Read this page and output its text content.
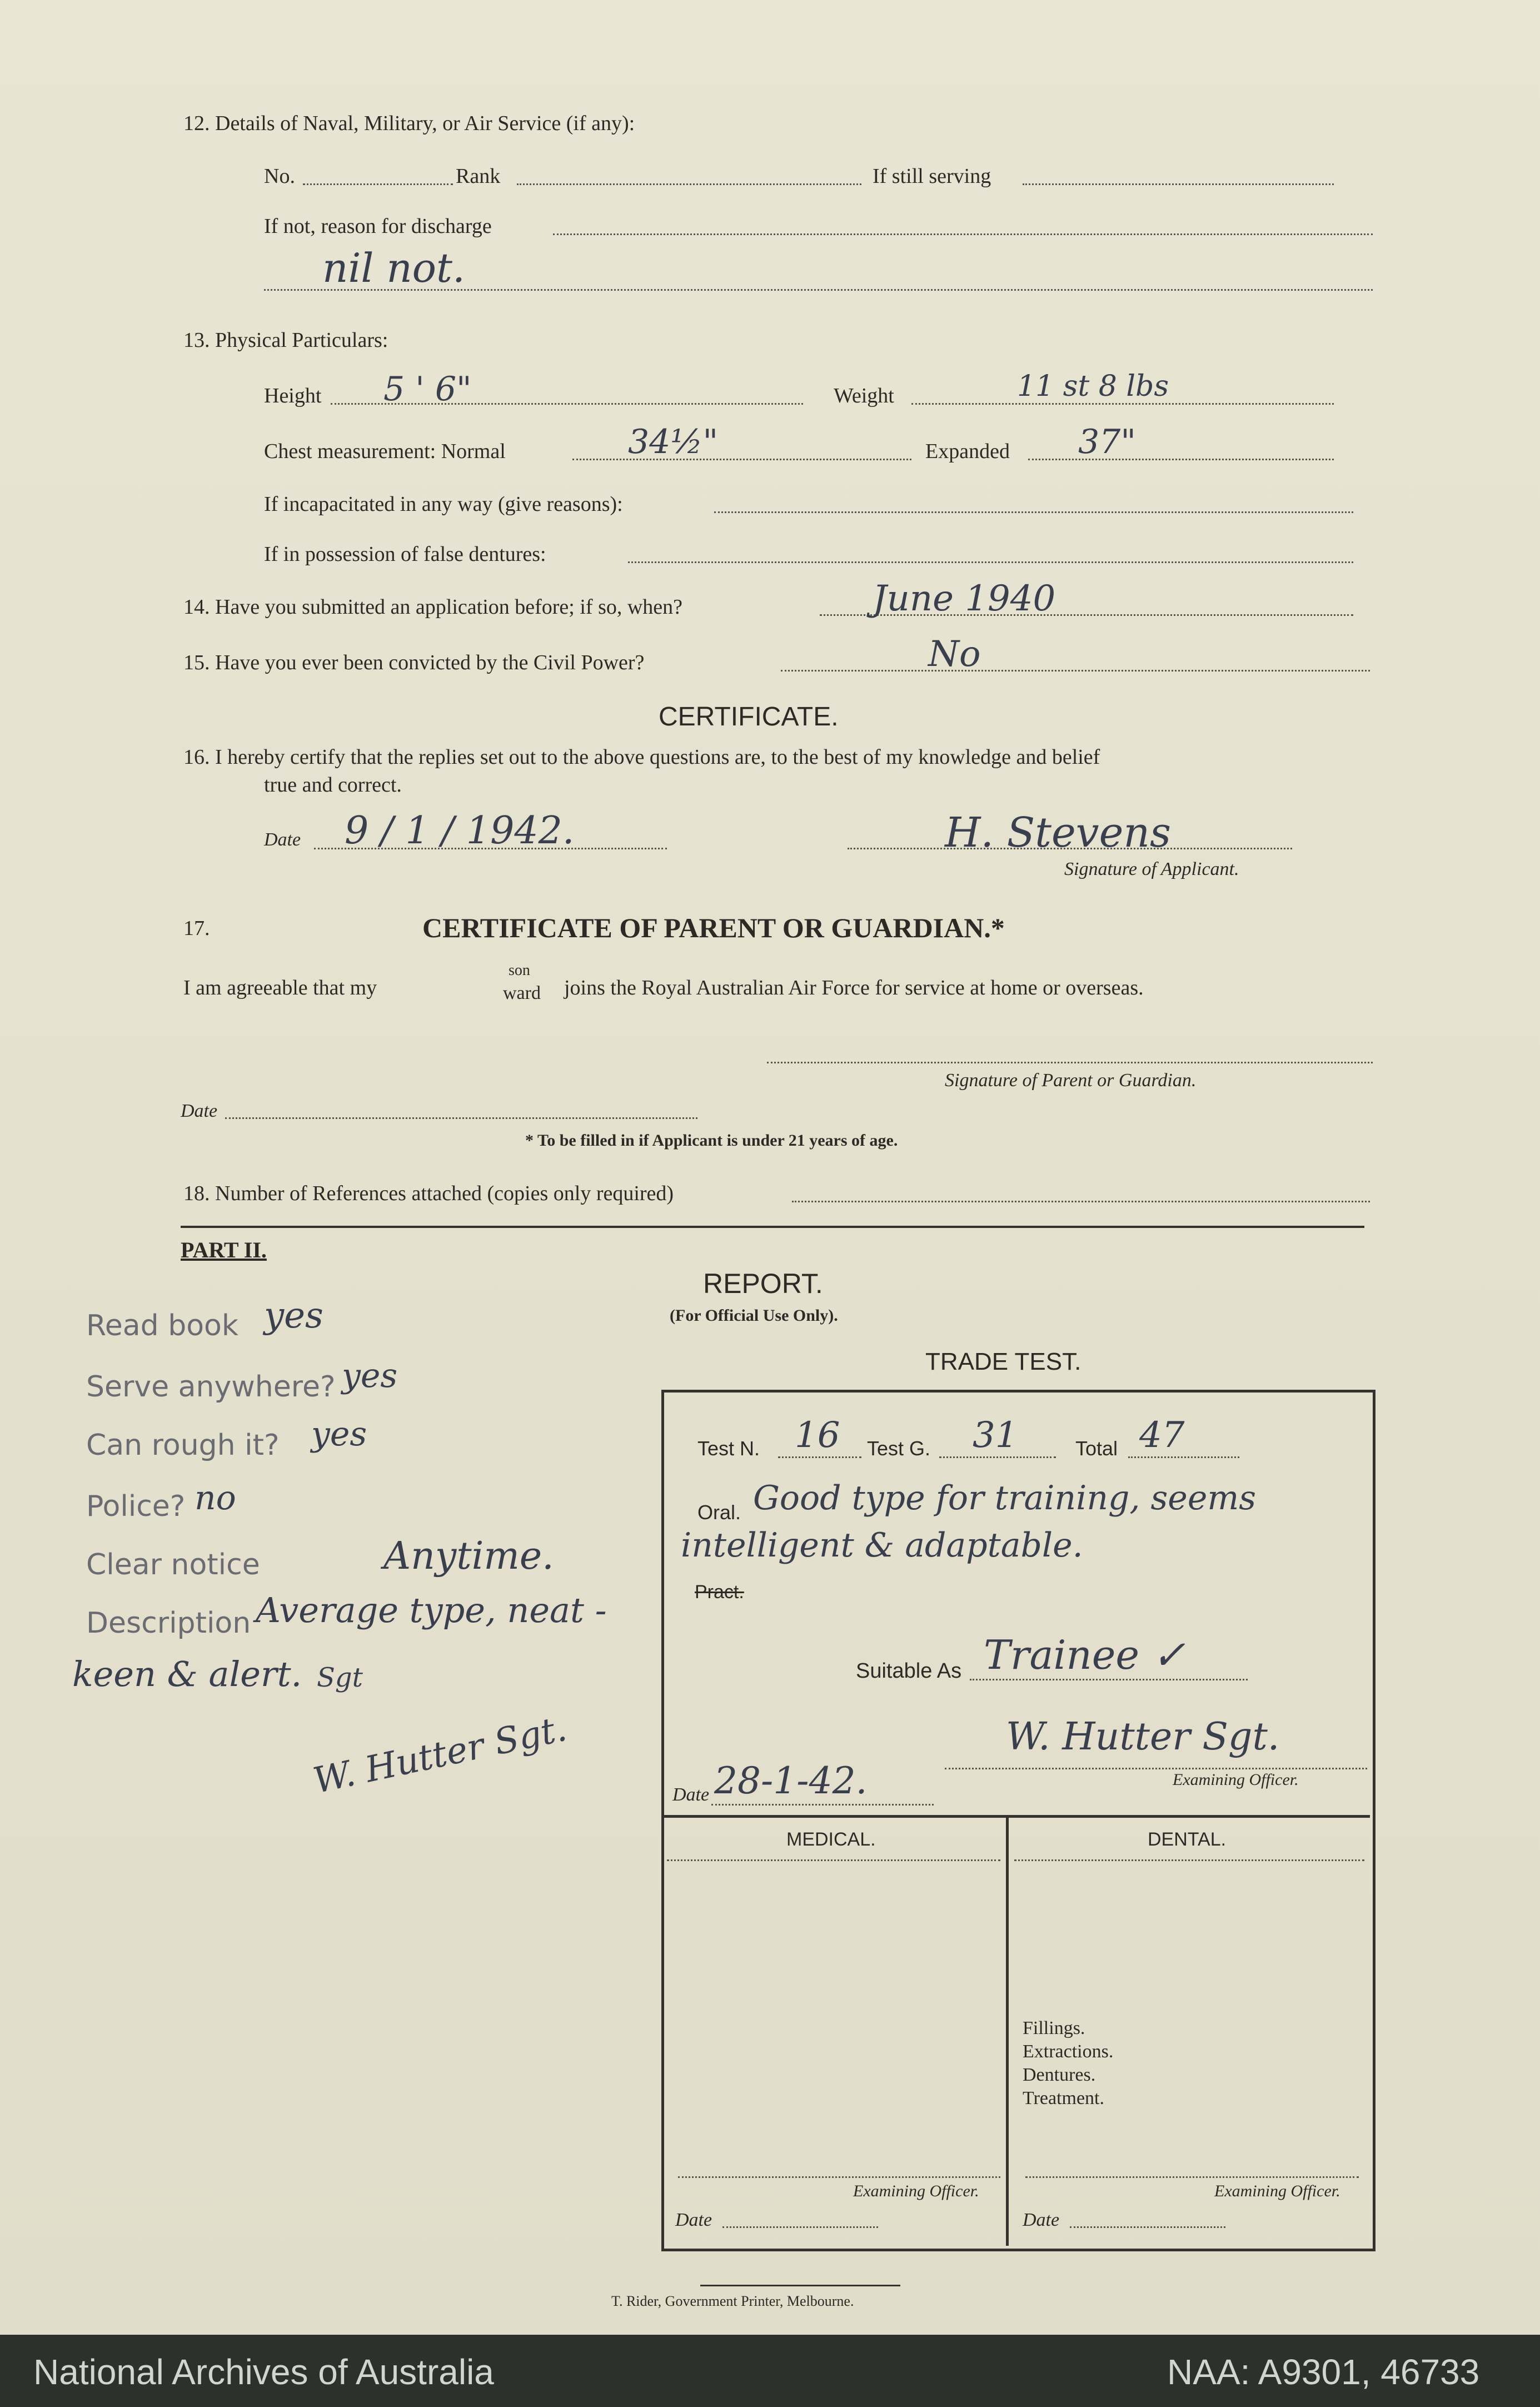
12. Details of Naval, Military, or Air Service (if any):
No.	Rank	If still serving
If not, reason for discharge
nil not.
13. Physical Particulars:
Height 5 ' 6"	Weight	11 st 8 lbs
Chest measurement: Normal	34½"	Expanded 37"
If incapacitated in any way (give reasons):
If in possession of false dentures:
14. Have you submitted an application before; if so, when?	June 1940
15. Have you ever been convicted by the Civil Power?	No
CERTIFICATE.
16. I hereby certify that the replies set out to the above questions are, to the best of my knowledge and belief
true and correct.
Date 9 / 1 / 1942.	H. Stevens
Signature of Applicant.
17.	CERTIFICATE OF PARENT OR GUARDIAN.*
I am agreeable that my
son
ward joins the Royal Australian Air Force for service at home or overseas.
Signature of Parent or Guardian.
Date
* To be filled in if Applicant is under 21 years of age.
18. Number of References attached (copies only required)
PART II.
REPORT.
(For Official Use Only).
TRADE TEST.
Read book yes
Serve anywhere? yes
Can rough it? yes
Police? no
Clear notice	Anytime.
Description Average type, neat -
keen & alert. Sgt
W. Hutter Sgt.
Test N. 16 Test G. 31	Total 47
Oral. Good type for training, seems
intelligent & adaptable.
Pract.
Suitable As Trainee ✓
Date 28-1-42.
W. Hutter Sgt.
Examining Officer.
MEDICAL.	DENTAL.
Fillings.
Extractions.
Dentures.
Treatment.
Examining Officer.
Date
Examining Officer.
Date
T. Rider, Government Printer, Melbourne.
National Archives of Australia	NAA: A9301, 46733
